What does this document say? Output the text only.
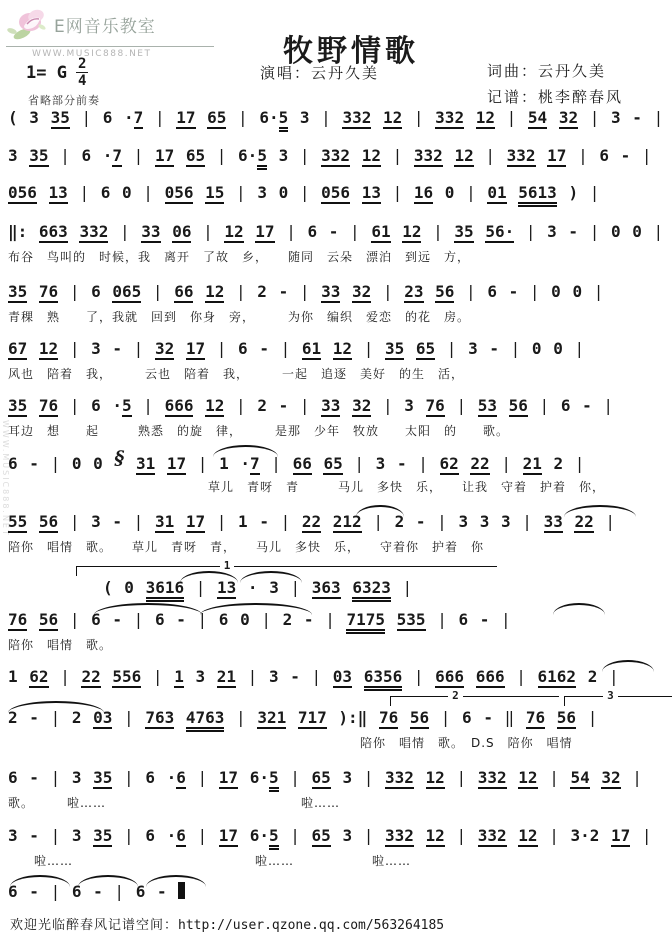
E网音乐教室
WWW.MUSIC888.NET	牧野情歌
演唱：云丹久美	词曲：云丹久美
记谱：桃李醉春风
1= G $\frac{2}{4}$
省略部分前奏
WWW.MUSIC888.NET
( 3 35 | 6 ·7 | 17 65 | 6·5 3 | 332 12 | 332 12 | 54 32 | 3 - |
3 35 | 6 ·7 | 17 65 | 6·5 3 | 332 12 | 332 12 | 332 17 | 6 - |
056 13 | 6 0 | 056 15 | 3 0 | 056 13 | 16 0 | 01 5613 ) |
‖: 663 332 | 33 06 | 12 17 | 6 - | 61 12 | 35 56· | 3 - | 0 0 |
布谷　鸟叫的　时候，我　离开　了故　乡，　　随同　云朵　漂泊　到远　方，
35 76 | 6 065 | 66 12 | 2 - | 33 32 | 23 56 | 6 - | 0 0 |
青稞　熟　　了，我就　回到　你身　旁，　　　为你　编织　爱恋　的花　房。
67 12 | 3 - | 32 17 | 6 - | 61 12 | 35 65 | 3 - | 0 0 |
风也　陪着　我，　　　云也　陪着　我，　　　一起　追逐　美好　的生　活，
35 76 | 6 ·5 | 666 12 | 2 - | 33 32 | 3 76 | 53 56 | 6 - |
耳边　想　　起　　　熟悉　的旋　律，　　　是那　少年　牧放　　太阳　的　　歌。
6 - | 0 0 § 31 17 | 1 ·7 | 66 65 | 3 - | 62 22 | 21 2 |
草儿　青呀　青　　　马儿　多快　乐，　　让我　守着　护着　你，
55 56 | 3 - | 31 17 | 1 - | 22 212 | 2 - | 3 3 3 | 33 22 |
陪你　唱情　歌。　　草儿　青呀　青，　　马儿　多快　乐，　　守着你　护着　你
1
( 0 3616 | 13 · 3 | 363 6323 |
76 56 | 6 - | 6 - | 6 0 | 2 - | 7175 535 | 6 - |
陪你　唱情　歌。
1 62 | 22 556 | 1 3 21 | 3 - | 03 6356 | 666 666 | 6162 2 |
2	3
2 - | 2 03 | 763 4763 | 321 717 ):‖ 76 56 | 6 - ‖ 76 56 |
陪你　唱情　歌。　D.S　陪你　唱情
6 - | 3 35 | 6 ·6 | 17 6·5 | 65 3 | 332 12 | 332 12 | 54 32 |
歌。　　　啦……　　　　　　　　　　　　　　　啦……
3 - | 3 35 | 6 ·6 | 17 6·5 | 65 3 | 332 12 | 332 12 | 3·2 17 |
　　啦……　　　　　　　　　　　　　　啦……　　　　　　啦……
6 - | 6 - | 6 -
欢迎光临醉春风记谱空间：http://user.qzone.qq.com/563264185
